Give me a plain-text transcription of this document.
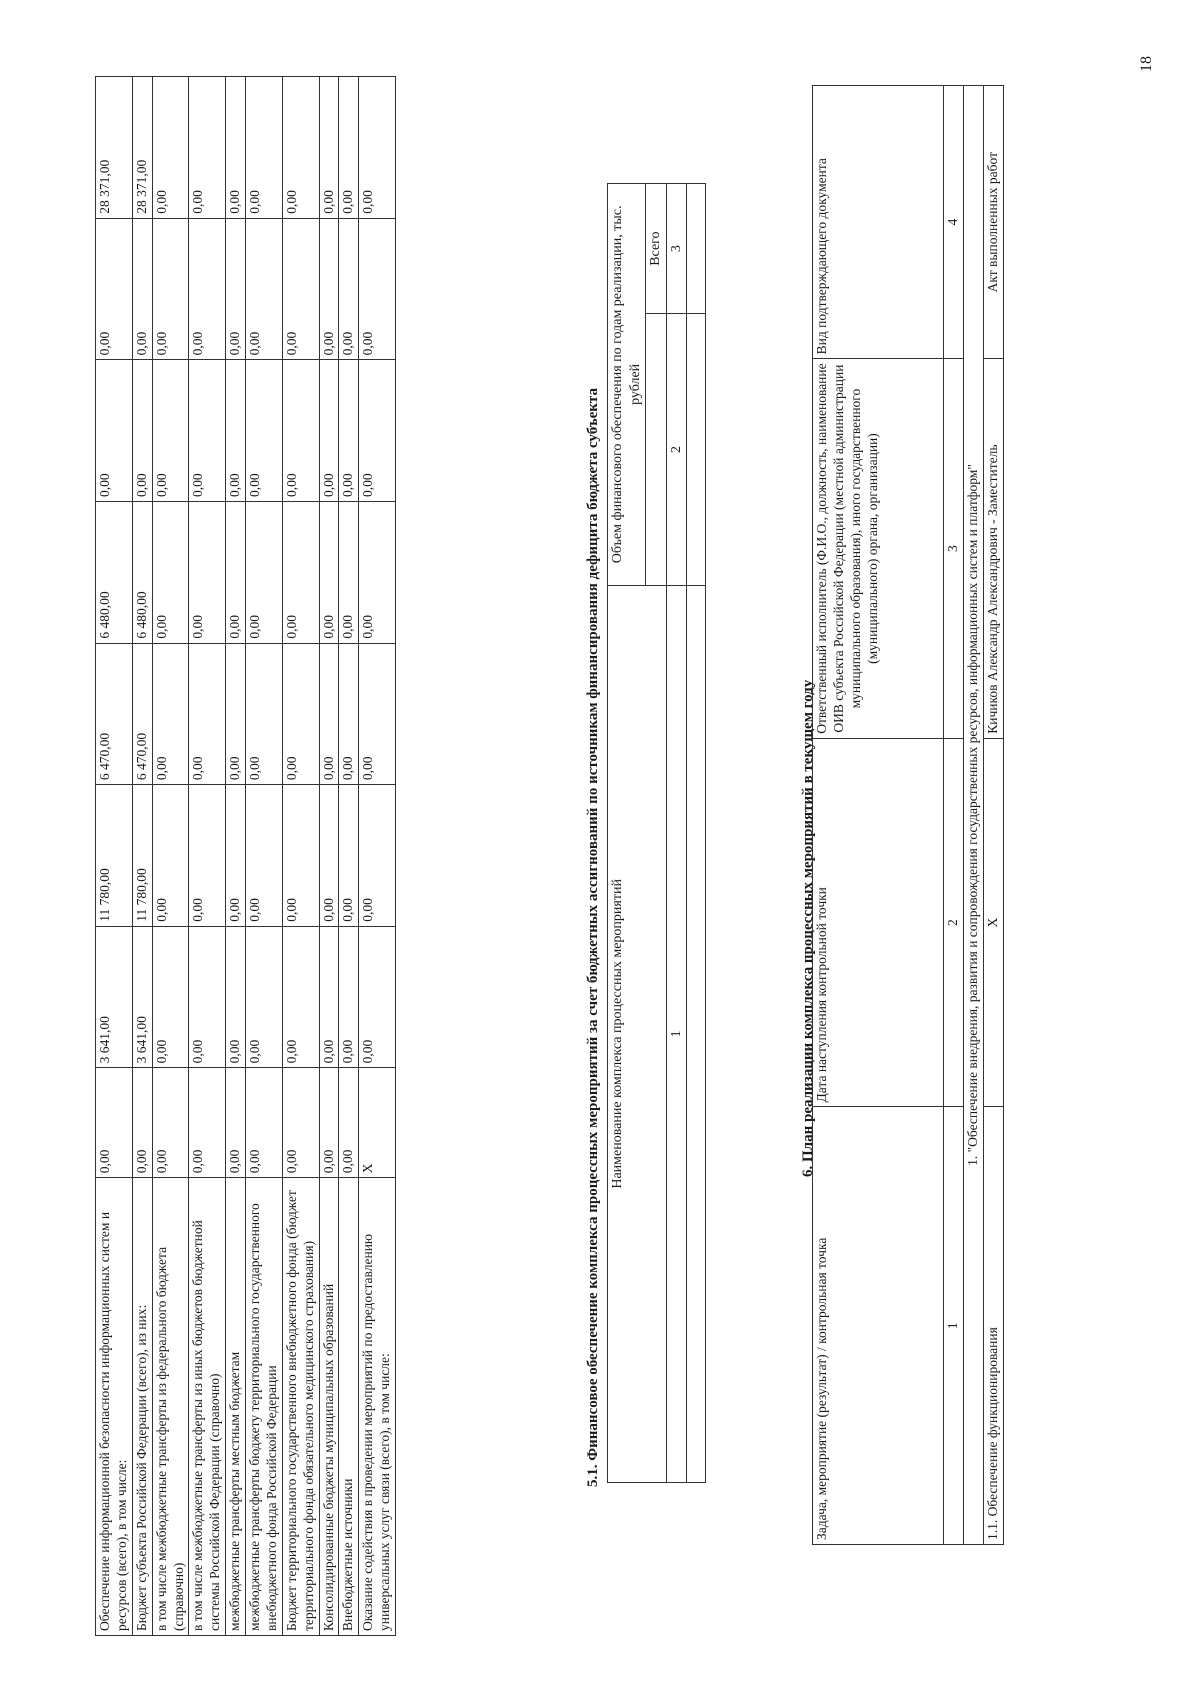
Обеспечение информационной безопасности информационных систем и ресурсов (всего), в том числе:	0,00	3 641,00	11 780,00	6 470,00	6 480,00	0,00	0,00	28 371,00
Бюджет субъекта Российской Федерации (всего), из них:	0,00	3 641,00	11 780,00	6 470,00	6 480,00	0,00	0,00	28 371,00
в том числе межбюджетные трансферты из федерального бюджета (справочно)	0,00	0,00	0,00	0,00	0,00	0,00	0,00	0,00
в том числе межбюджетные трансферты из иных бюджетов бюджетной системы Российской Федерации (справочно)	0,00	0,00	0,00	0,00	0,00	0,00	0,00	0,00
межбюджетные трансферты местным бюджетам	0,00	0,00	0,00	0,00	0,00	0,00	0,00	0,00
межбюджетные трансферты бюджету территориального государственного внебюджетного фонда Российской Федерации	0,00	0,00	0,00	0,00	0,00	0,00	0,00	0,00
Бюджет территориального государственного внебюджетного фонда (бюджет территориального фонда обязательного медицинского страхования)	0,00	0,00	0,00	0,00	0,00	0,00	0,00	0,00
Консолидированные бюджеты муниципальных образований	0,00	0,00	0,00	0,00	0,00	0,00	0,00	0,00
Внебюджетные источники	0,00	0,00	0,00	0,00	0,00	0,00	0,00	0,00
Оказание содействия в проведении мероприятий по предоставлению универсальных услуг связи (всего), в том числе:	X	0,00	0,00	0,00	0,00	0,00	0,00	0,00
5.1. Финансовое обеспечение комплекса процессных мероприятий за счет бюджетных ассигнований по источникам финансирования дефицита бюджета субъекта Наименование комплекса процессных мероприятий	Объем финансового обеспечения по годам реализации, тыс. рублей	
		Всего
1	2	3

6. План реализации комплекса процессных мероприятий в текущем году
Задача, мероприятие (результат) / контрольная точка	Дата наступления контрольной точки	Ответственный исполнитель (Ф.И.О., должность, наименование ОИВ субъекта Российской Федерации (местной администрации муниципального образования), иного государственного (муниципального) органа, организации)	Вид подтверждающего документа
1	2	3	4
1. "Обеспечение внедрения, развития и сопровождения государственных ресурсов, информационных систем и платформ"			
1.1. Обеспечение функционирования	X	Кичиков Александр Александрович - Заместитель	Акт выполненных работ
18
